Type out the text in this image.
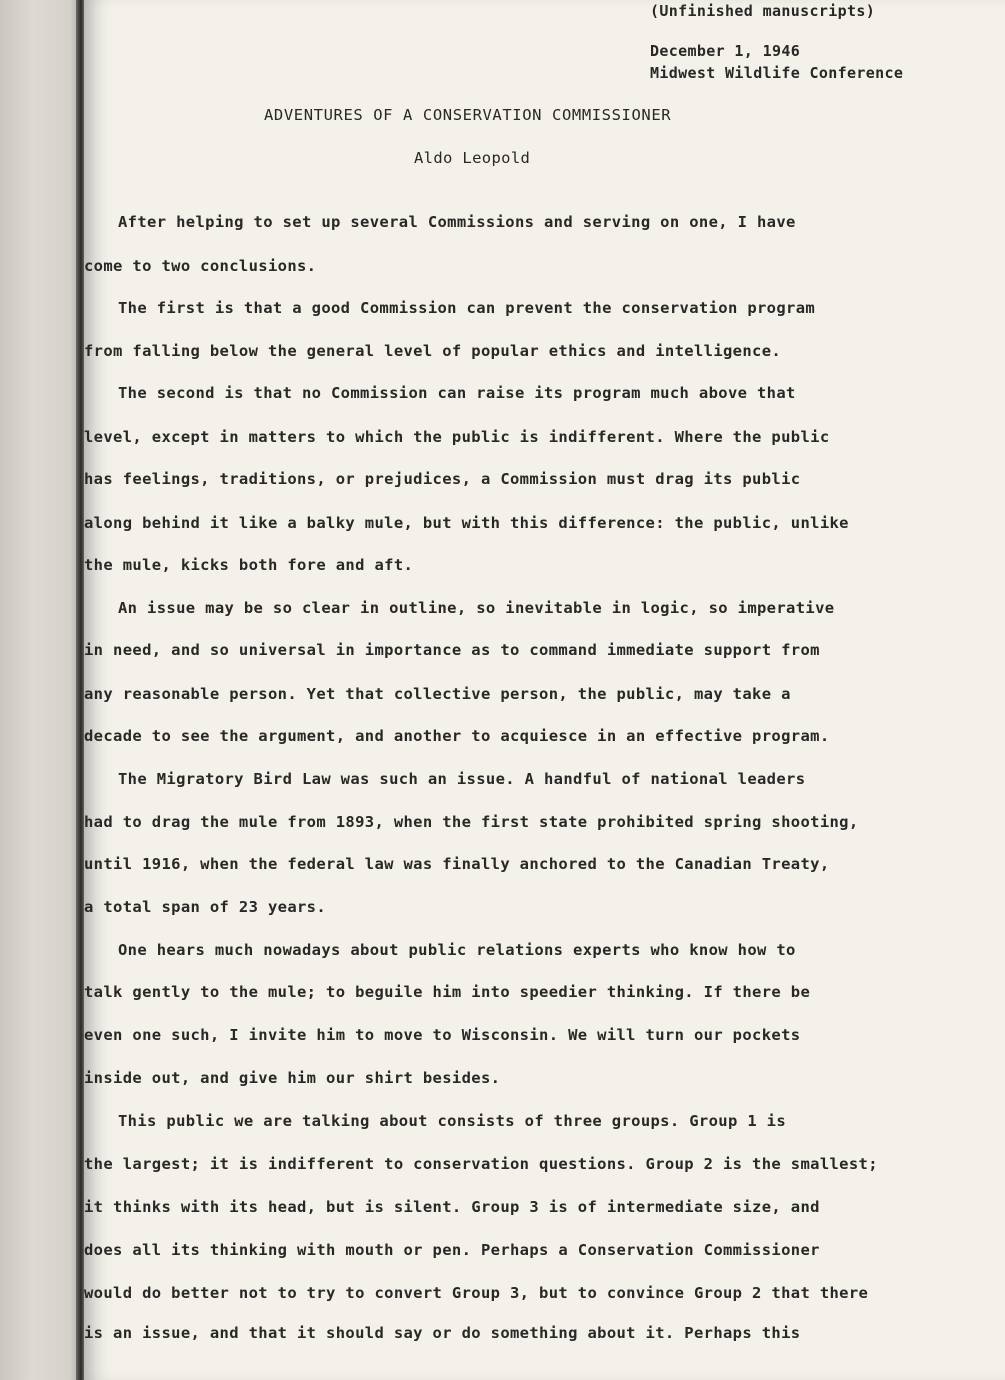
(Unfinished manuscripts)
December 1, 1946
Midwest Wildlife Conference
ADVENTURES OF A CONSERVATION COMMISSIONER
Aldo Leopold
After helping to set up several Commissions and serving on one, I have
come to two conclusions.
The first is that a good Commission can prevent the conservation program
from falling below the general level of popular ethics and intelligence.
The second is that no Commission can raise its program much above that
level, except in matters to which the public is indifferent. Where the public
has feelings, traditions, or prejudices, a Commission must drag its public
along behind it like a balky mule, but with this difference: the public, unlike
the mule, kicks both fore and aft.
An issue may be so clear in outline, so inevitable in logic, so imperative
in need, and so universal in importance as to command immediate support from
any reasonable person. Yet that collective person, the public, may take a
decade to see the argument, and another to acquiesce in an effective program.
The Migratory Bird Law was such an issue. A handful of national leaders
had to drag the mule from 1893, when the first state prohibited spring shooting,
until 1916, when the federal law was finally anchored to the Canadian Treaty,
a total span of 23 years.
One hears much nowadays about public relations experts who know how to
talk gently to the mule; to beguile him into speedier thinking. If there be
even one such, I invite him to move to Wisconsin. We will turn our pockets
inside out, and give him our shirt besides.
This public we are talking about consists of three groups. Group 1 is
the largest; it is indifferent to conservation questions. Group 2 is the smallest;
it thinks with its head, but is silent. Group 3 is of intermediate size, and
does all its thinking with mouth or pen. Perhaps a Conservation Commissioner
would do better not to try to convert Group 3, but to convince Group 2 that there
is an issue, and that it should say or do something about it. Perhaps this
